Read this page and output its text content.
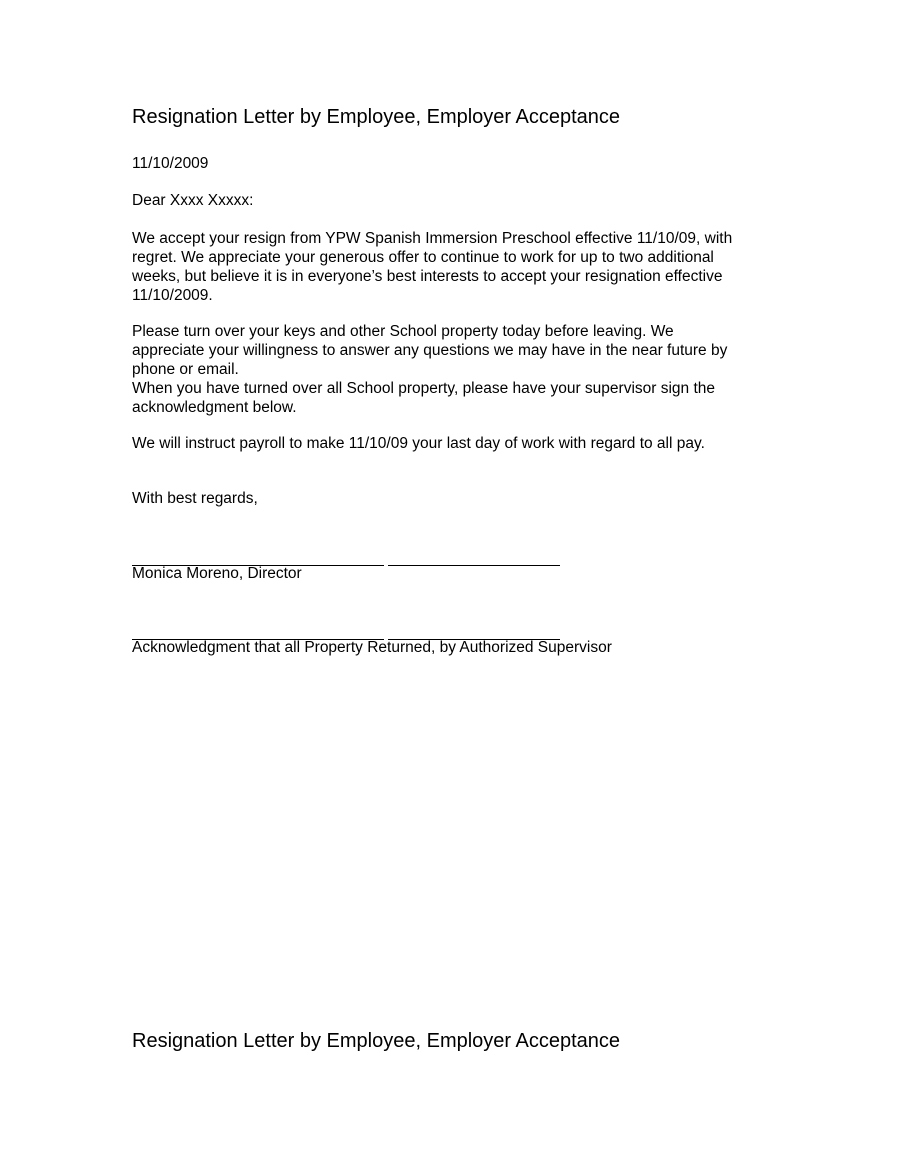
Resignation Letter by Employee, Employer Acceptance

11/10/2009

Dear Xxxx Xxxxx:

We accept your resign from YPW Spanish Immersion Preschool effective 11/10/09, with
regret. We appreciate your generous offer to continue to work for up to two additional
weeks, but believe it is in everyone’s best interests to accept your resignation effective
11/10/2009.
Please turn over your keys and other School property today before leaving. We
appreciate your willingness to answer any questions we may have in the near future by
phone or email.
When you have turned over all School property, please have your supervisor sign the
acknowledgment below.

We will instruct payroll to make 11/10/09 your last day of work with regard to all pay.

With best regards,

Monica Moreno, Director

Acknowledgment that all Property Returned, by Authorized Supervisor

Resignation Letter by Employee, Employer Acceptance
